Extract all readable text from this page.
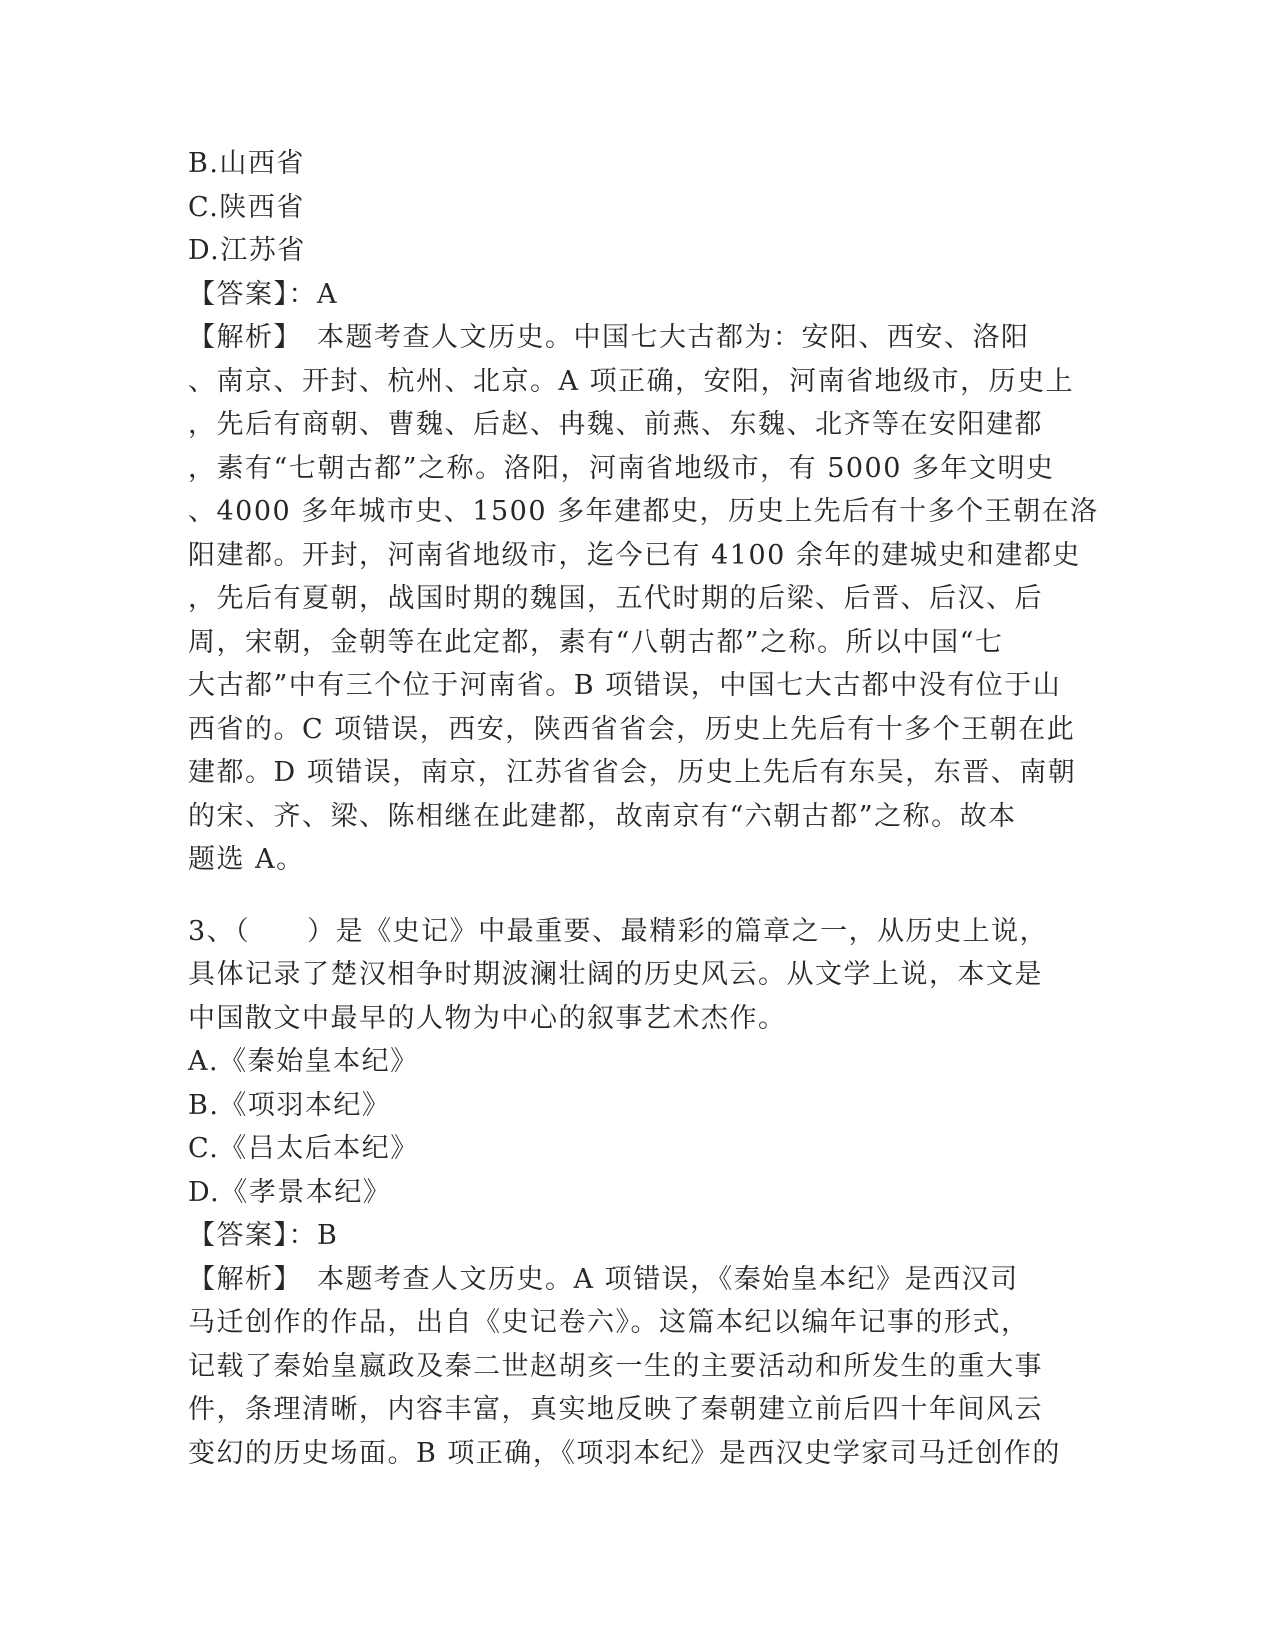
B.山西省
C.陕西省
D.江苏省
【答案】：A
【解析】　本题考查人文历史。中国七大古都为：安阳、西安、洛阳
、南京、开封、杭州、北京。A 项正确，安阳，河南省地级市，历史上
，先后有商朝、曹魏、后赵、冉魏、前燕、东魏、北齐等在安阳建都
，素有“七朝古都”之称。洛阳，河南省地级市，有 5000 多年文明史
、4000 多年城市史、1500 多年建都史，历史上先后有十多个王朝在洛
阳建都。开封，河南省地级市，迄今已有 4100 余年的建城史和建都史
，先后有夏朝，战国时期的魏国，五代时期的后梁、后晋、后汉、后
周，宋朝，金朝等在此定都，素有“八朝古都”之称。所以中国“七
大古都”中有三个位于河南省。B 项错误，中国七大古都中没有位于山
西省的。C 项错误，西安，陕西省省会，历史上先后有十多个王朝在此
建都。D 项错误，南京，江苏省省会，历史上先后有东吴，东晋、南朝
的宋、齐、梁、陈相继在此建都，故南京有“六朝古都”之称。故本
题选 A。
3、（　　）是《史记》中最重要、最精彩的篇章之一，从历史上说，
具体记录了楚汉相争时期波澜壮阔的历史风云。从文学上说，本文是
中国散文中最早的人物为中心的叙事艺术杰作。
A.《秦始皇本纪》
B.《项羽本纪》
C.《吕太后本纪》
D.《孝景本纪》
【答案】：B
【解析】　本题考查人文历史。A 项错误，《秦始皇本纪》是西汉司
马迁创作的作品，出自《史记卷六》。这篇本纪以编年记事的形式，
记载了秦始皇嬴政及秦二世赵胡亥一生的主要活动和所发生的重大事
件，条理清晰，内容丰富，真实地反映了秦朝建立前后四十年间风云
变幻的历史场面。B 项正确，《项羽本纪》是西汉史学家司马迁创作的
